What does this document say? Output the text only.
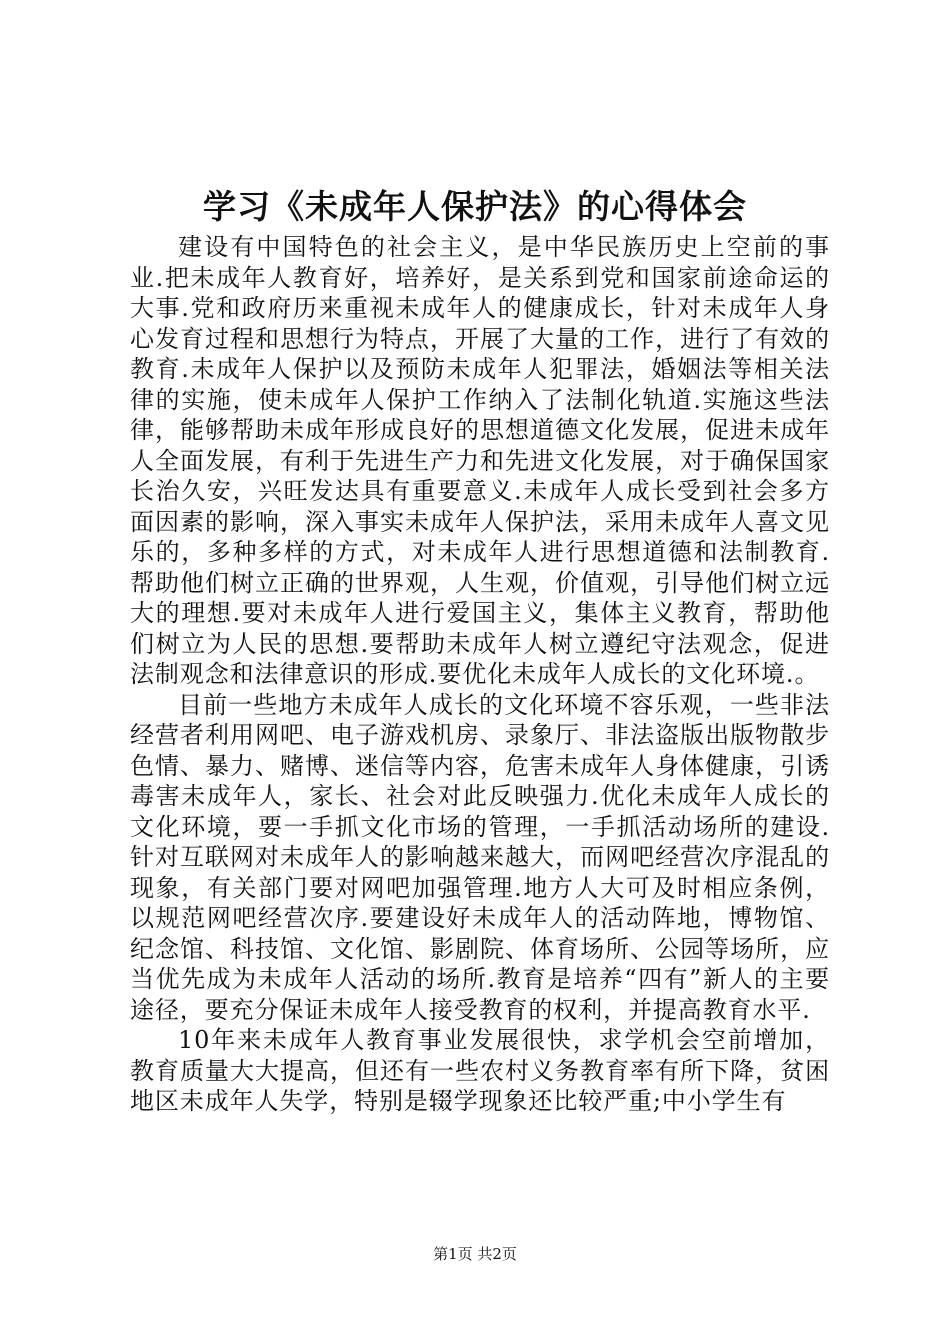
学习《未成年人保护法》的心得体会

建设有中国特色的社会主义，是中华民族历史上空前的事业.把未成年人教育好，培养好，是关系到党和国家前途命运的大事.党和政府历来重视未成年人的健康成长，针对未成年人身心发育过程和思想行为特点，开展了大量的工作，进行了有效的教育.未成年人保护以及预防未成年人犯罪法，婚姻法等相关法律的实施，使未成年人保护工作纳入了法制化轨道.实施这些法律，能够帮助未成年形成良好的思想道德文化发展，促进未成年人全面发展，有利于先进生产力和先进文化发展，对于确保国家长治久安，兴旺发达具有重要意义.未成年人成长受到社会多方面因素的影响，深入事实未成年人保护法，采用未成年人喜文见乐的，多种多样的方式，对未成年人进行思想道德和法制教育.帮助他们树立正确的世界观，人生观，价值观，引导他们树立远大的理想.要对未成年人进行爱国主义，集体主义教育，帮助他们树立为人民的思想.要帮助未成年人树立遵纪守法观念，促进法制观念和法律意识的形成.要优化未成年人成长的文化环境.。

目前一些地方未成年人成长的文化环境不容乐观，一些非法经营者利用网吧、电子游戏机房、录象厅、非法盗版出版物散步色情、暴力、赌博、迷信等内容，危害未成年人身体健康，引诱毒害未成年人，家长、社会对此反映强力.优化未成年人成长的文化环境，要一手抓文化市场的管理，一手抓活动场所的建设.针对互联网对未成年人的影响越来越大，而网吧经营次序混乱的现象，有关部门要对网吧加强管理.地方人大可及时相应条例，以规范网吧经营次序.要建设好未成年人的活动阵地，博物馆、纪念馆、科技馆、文化馆、影剧院、体育场所、公园等场所，应当优先成为未成年人活动的场所.教育是培养“四有”新人的主要途径，要充分保证未成年人接受教育的权利，并提高教育水平.

10年来未成年人教育事业发展很快，求学机会空前增加，教育质量大大提高，但还有一些农村义务教育率有所下降，贫困地区未成年人失学，特别是辍学现象还比较严重;中小学生有

第1页 共2页
